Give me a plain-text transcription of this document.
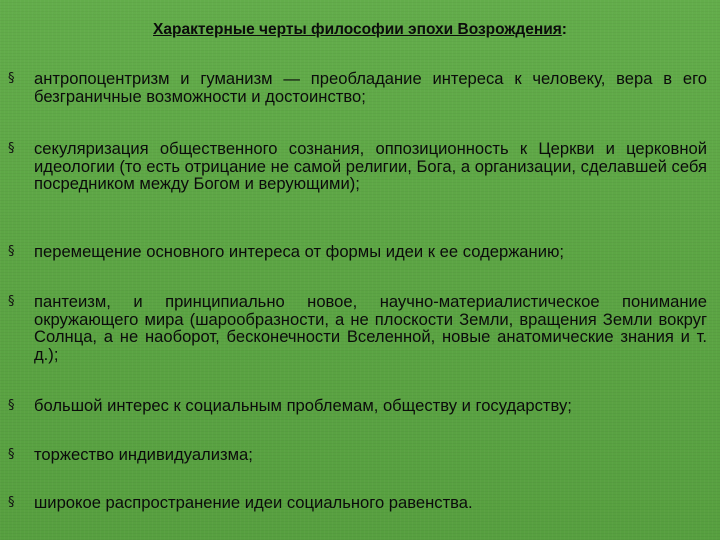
Характерные черты философии эпохи Возрождения:
§ антропоцентризм и гуманизм — преобладание интереса к человеку, вера в его безграничные возможности и достоинство;
§ секуляризация общественного сознания, оппозиционность к Церкви и церковной идеологии (то есть отрицание не самой религии, Бога, а организации, сделавшей себя посредником между Богом и верующими);
§ перемещение основного интереса от формы идеи к ее содержанию;
§ пантеизм, и принципиально новое, научно-материалистическое понимание окружающего мира (шарообразности, а не плоскости Земли, вращения Земли вокруг Солнца, а не наоборот, бесконечности Вселенной, новые анатомические знания и т. д.);
§ большой интерес к социальным проблемам, обществу и государству;
§ торжество индивидуализма;
§ широкое распространение идеи социального равенства.
